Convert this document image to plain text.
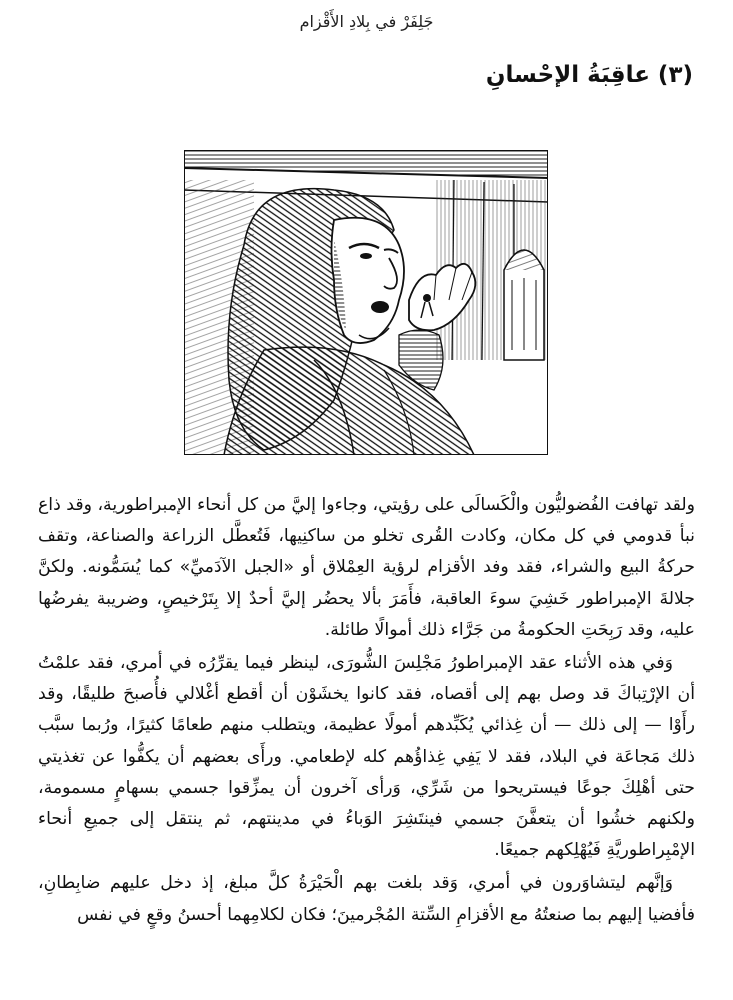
جَلِفَرْ في بِلادِ الأَقْزام
(٣) عاقِبَةُ الإحْسانِ

ولقد تهافت الفُضوليُّون والْكَسالَى على رؤيتي، وجاءوا إليَّ من كل أنحاء الإمبراطورية، وقد ذاع نبأ قدومي في كل مكان، وكادت القُرى تخلو من ساكنِيها، فَتُعطَّل الزراعة والصناعة، وتقف حركةُ البيع والشراء، فقد وفد الأقزام لرؤية العِمْلاق أو «الجبل الآدَميِّ» كما يُسَمُّونه. ولكنَّ جلالةَ الإمبراطور خَشِيَ سوءَ العاقبة، فأَمَرَ بألا يحضُر إليَّ أحدٌ إلا بِتَرْخيصٍ، وضريبة يفرضُها عليه، وقد رَبِحَتِ الحكومةُ من جَرَّاء ذلك أموالًا طائلة.

وَفي هذه الأثناء عقد الإمبراطورُ مَجْلِسَ الشُّورَى، لينظر فيما يقرِّرُه في أمري، فقد علمْتُ أن الإرْتِباكَ قد وصل بهم إلى أقصاه، فقد كانوا يخشَوْن أن أقطع أغْلالي فأُصبحَ طليقًا، وقد رأَوْا — إلى ذلك — أن غِذائي يُكَبِّدهم أمولًا عظيمة، ويتطلب منهم طعامًا كثيرًا، ورُبما سبَّب ذلك مَجاعَة في البلاد، فقد لا يَفِي غِذاؤُهم كله لإطعامي. ورأَى بعضهم أن يكفُّوا عن تغذيتي حتى أهْلِكَ جوعًا فيستريحوا من شَرِّي، وَرأى آخرون أن يمزِّقوا جسمي بسهامٍ مسمومة، ولكنهم خشُوا أن يتعفَّنَ جسمي فينتَشِرَ الوَباءُ في مدينتهم، ثم ينتقل إلى جميعِ أنحاء الإمْبِراطوريَّةِ فَيُهْلِكهم جميعًا.

وَإنَّهم ليتشاوَرون في أمري، وَقد بلغت بهم الْحَيْرَةُ كلَّ مبلغ، إذ دخل عليهم ضابِطانِ، فأفضيا إليهم بما صنعتُهُ مع الأقزامِ السِّتة المُجْرمينَ؛ فكان لكلامِهما أحسنُ وقعٍ في نفس
